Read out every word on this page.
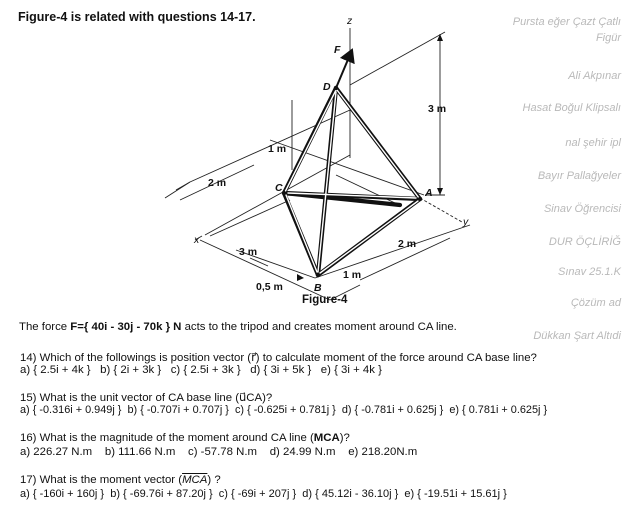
Pursta eğer Çazt Çatlı
Figür
Ali Akpınar
Hasat Boğul Klipsalı
nal şehir ipl
Bayır Pallağyeler
Sinav Öğrencisi
DUR ÖÇLİRİĞ
Sınav 25.1.K
Çözüm ad
Dükkan Şart Altıdi
Figure-4 is related with questions 14-17.	z
F
D
C	A
B
x
y
2 m
1 m
3 m
3 m
2 m
1 m
0,5 m
Figure-4
The force F={ 40i - 30j - 70k } N acts to the tripod and creates moment around CA line.
14) Which of the followings is position vector (r⃗) to calculate moment of the force around CA base line?
a) { 2.5i + 4k } b) { 2i + 3k } c) { 2.5i + 3k } d) { 3i + 5k } e) { 3i + 4k }
15) What is the unit vector of CA base line (u⃗CA)?
a) { -0.316i + 0.949j } b) { -0.707i + 0.707j } c) { -0.625i + 0.781j } d) { -0.781i + 0.625j } e) { 0.781i + 0.625j }
16) What is the magnitude of the moment around CA line (MCA)?
a) 226.27 N.m b) 111.66 N.m c) -57.78 N.m d) 24.99 N.m e) 218.20N.m
17) What is the moment vector $(\overline{MCA})$ ?
a) { -160i + 160j } b) { -69.76i + 87.20j } c) { -69i + 207j } d) { 45.12i - 36.10j } e) { -19.51i + 15.61j }
